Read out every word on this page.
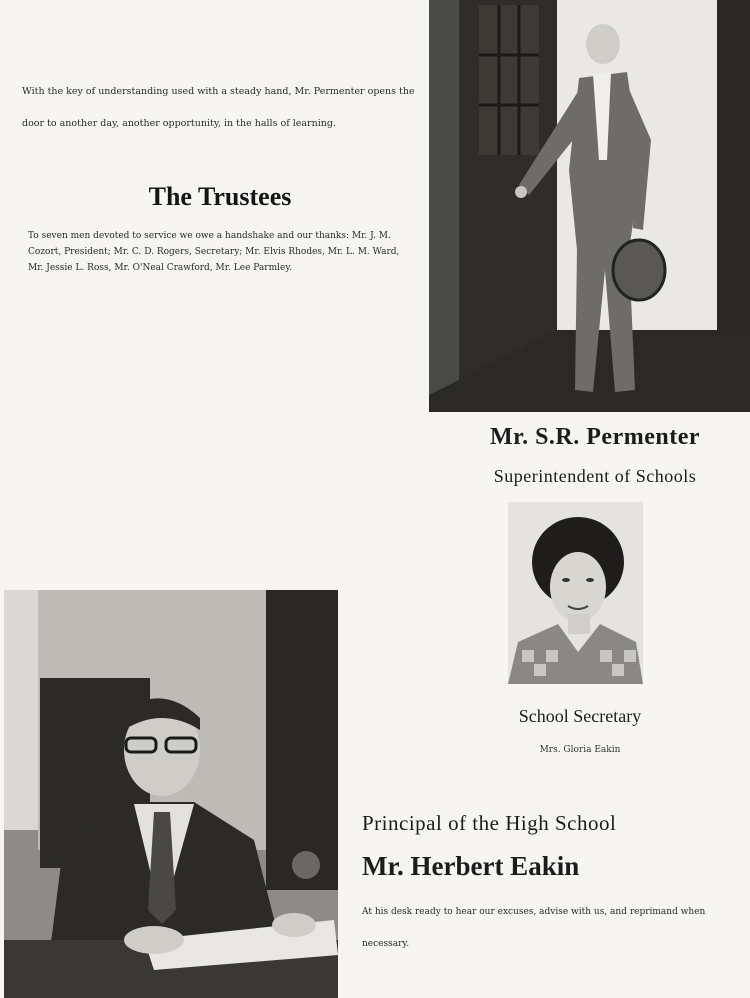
With the key of understanding used with a steady hand, Mr. Permenter opens the door to another day, another opportunity, in the halls of learning.
The Trustees
To seven men devoted to service we owe a handshake and our thanks: Mr. J. M. Cozort, President; Mr. C. D. Rogers, Secretary; Mr. Elvis Rhodes, Mr. L. M. Ward, Mr. Jessie L. Ross, Mr. O'Neal Crawford, Mr. Lee Parmley.
Mr. S.R. Permenter
Superintendent of Schools
School Secretary
Mrs. Gloria Eakin
Principal of the High School
Mr. Herbert Eakin
At his desk ready to hear our excuses, advise with us, and reprimand when necessary.
